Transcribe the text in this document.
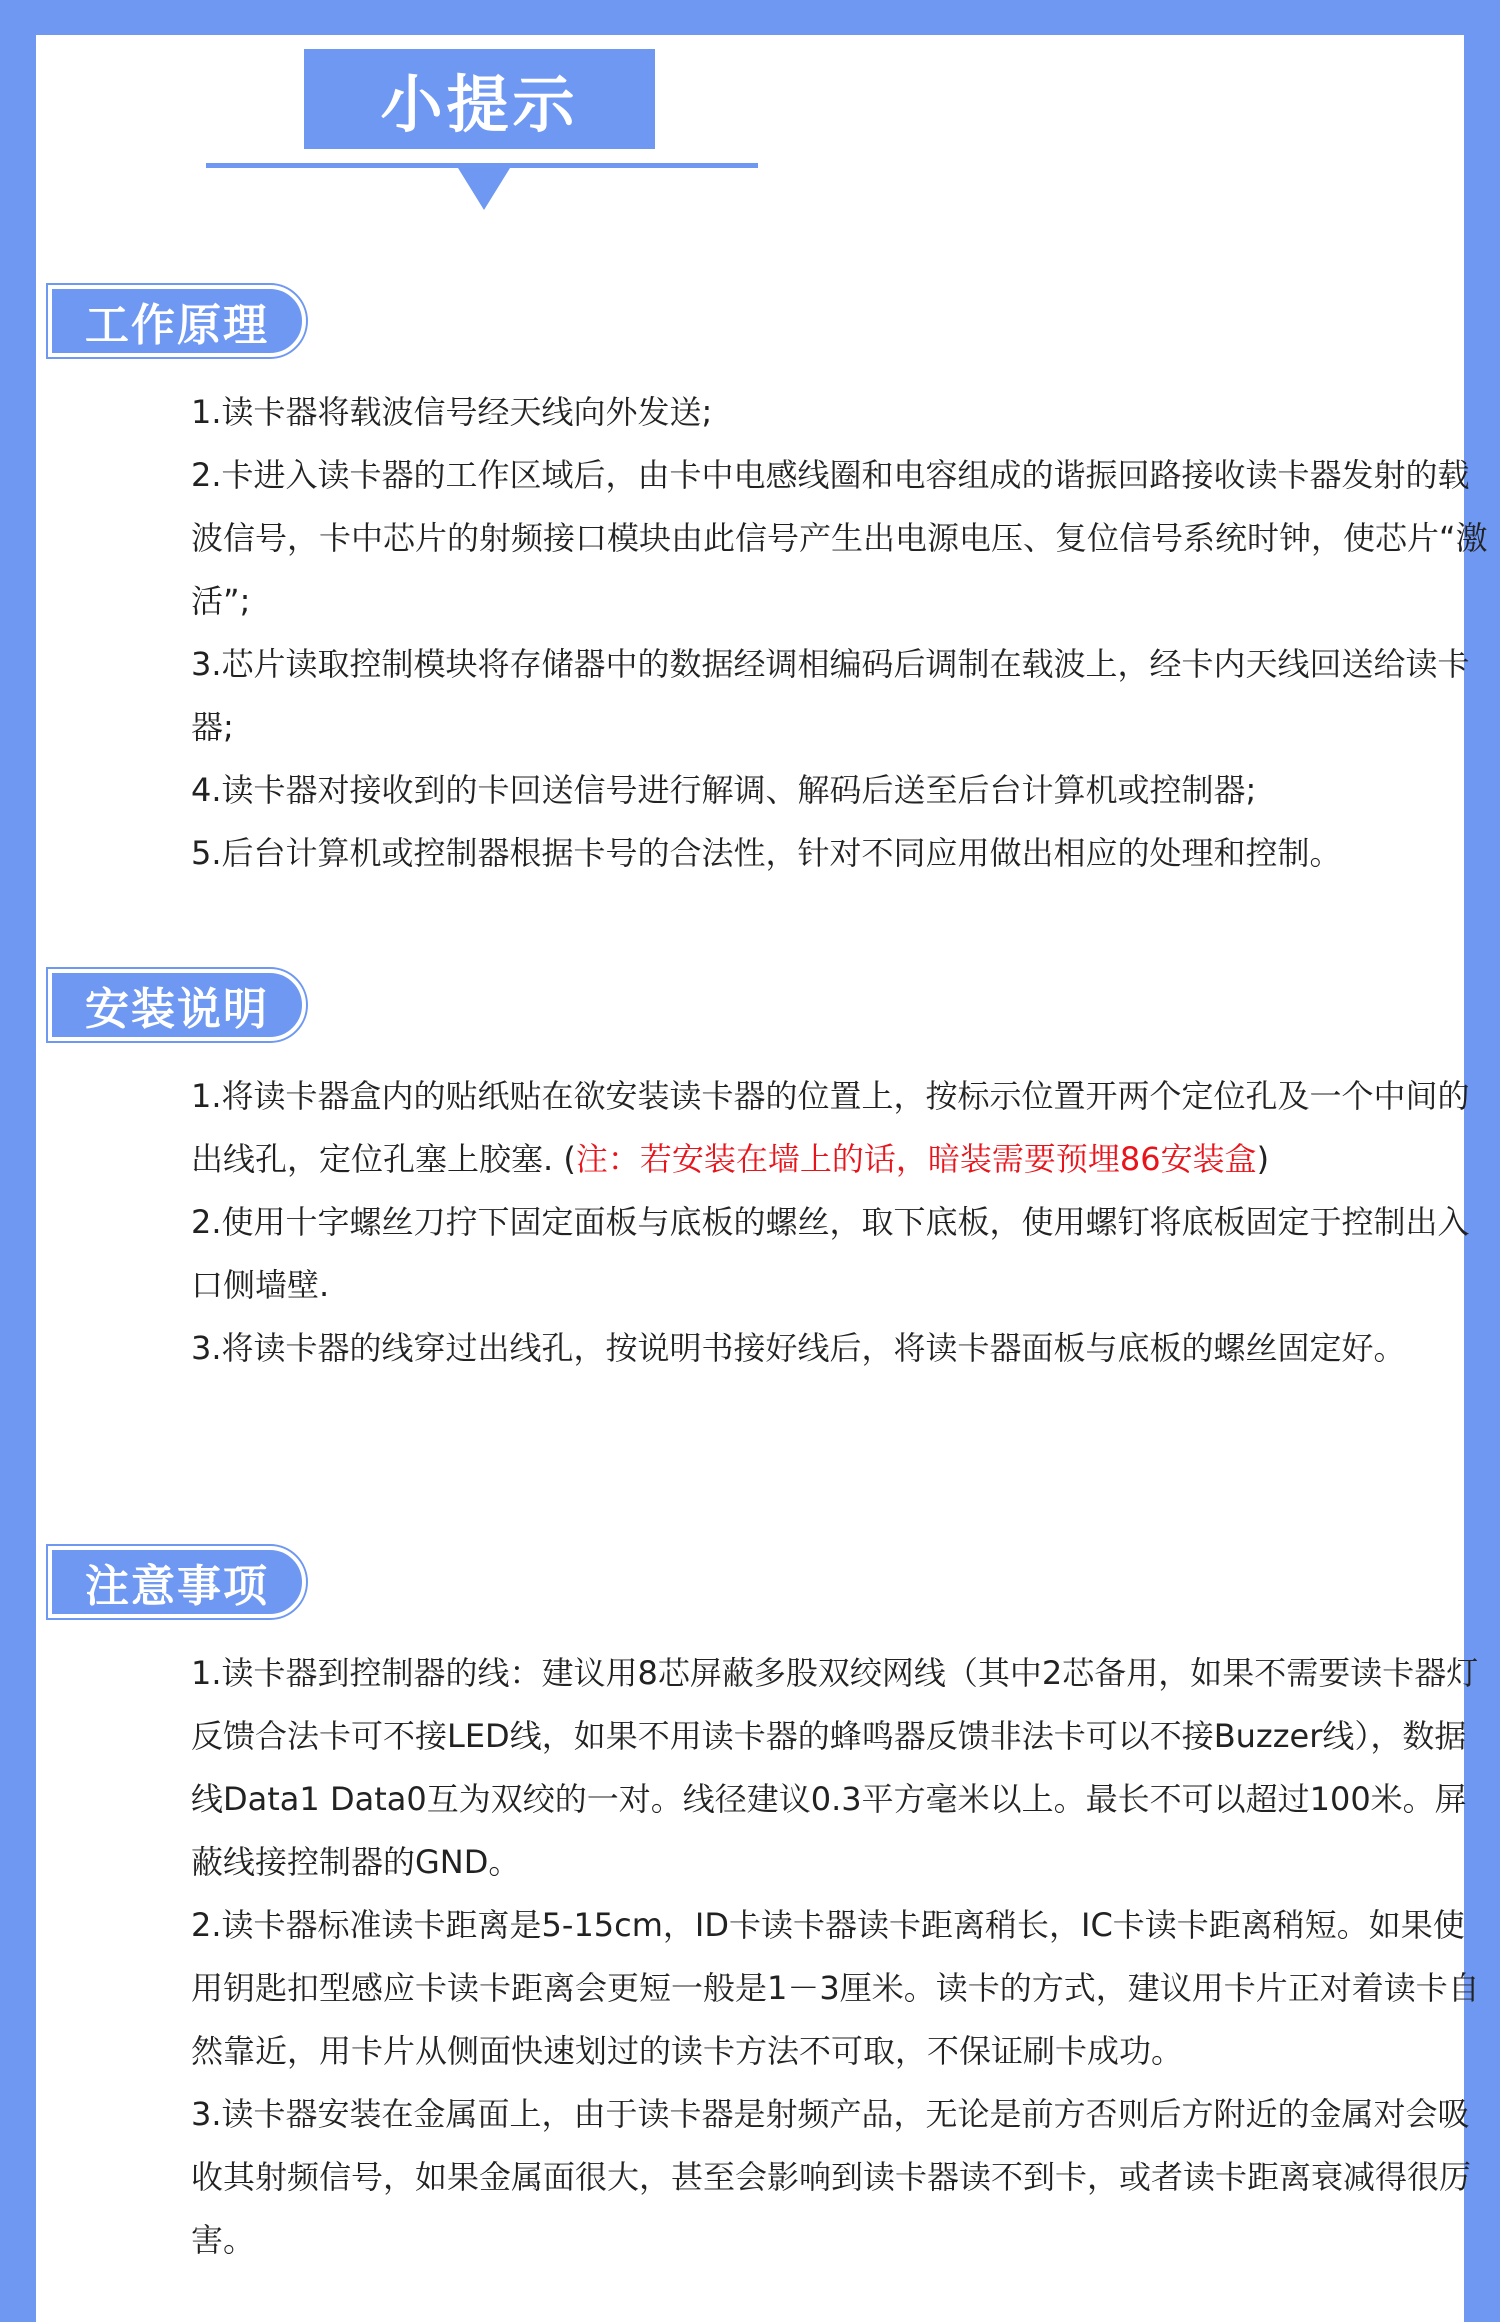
小提示
工作原理
1.读卡器将载波信号经天线向外发送;
2.卡进入读卡器的工作区域后，由卡中电感线圈和电容组成的谐振回路接收读卡器发射的载波信号，卡中芯片的射频接口模块由此信号产生出电源电压、复位信号系统时钟，使芯片“激活”;
3.芯片读取控制模块将存储器中的数据经调相编码后调制在载波上，经卡内天线回送给读卡器;
4.读卡器对接收到的卡回送信号进行解调、解码后送至后台计算机或控制器;
5.后台计算机或控制器根据卡号的合法性，针对不同应用做出相应的处理和控制。
安装说明
1.将读卡器盒内的贴纸贴在欲安装读卡器的位置上，按标示位置开两个定位孔及一个中间的出线孔，定位孔塞上胶塞. (注：若安装在墙上的话，暗装需要预埋86安装盒)
2.使用十字螺丝刀拧下固定面板与底板的螺丝，取下底板，使用螺钉将底板固定于控制出入口侧墙壁.
3.将读卡器的线穿过出线孔，按说明书接好线后，将读卡器面板与底板的螺丝固定好。
注意事项
1.读卡器到控制器的线：建议用8芯屏蔽多股双绞网线（其中2芯备用，如果不需要读卡器灯反馈合法卡可不接LED线，如果不用读卡器的蜂鸣器反馈非法卡可以不接Buzzer线），数据线Data1 Data0互为双绞的一对。线径建议0.3平方毫米以上。最长不可以超过100米。屏蔽线接控制器的GND。
2.读卡器标准读卡距离是5-15cm，ID卡读卡器读卡距离稍长，IC卡读卡距离稍短。如果使用钥匙扣型感应卡读卡距离会更短一般是1－3厘米。读卡的方式，建议用卡片正对着读卡自然靠近，用卡片从侧面快速划过的读卡方法不可取，不保证刷卡成功。
3.读卡器安装在金属面上，由于读卡器是射频产品，无论是前方否则后方附近的金属对会吸收其射频信号，如果金属面很大，甚至会影响到读卡器读不到卡，或者读卡距离衰减得很厉害。
